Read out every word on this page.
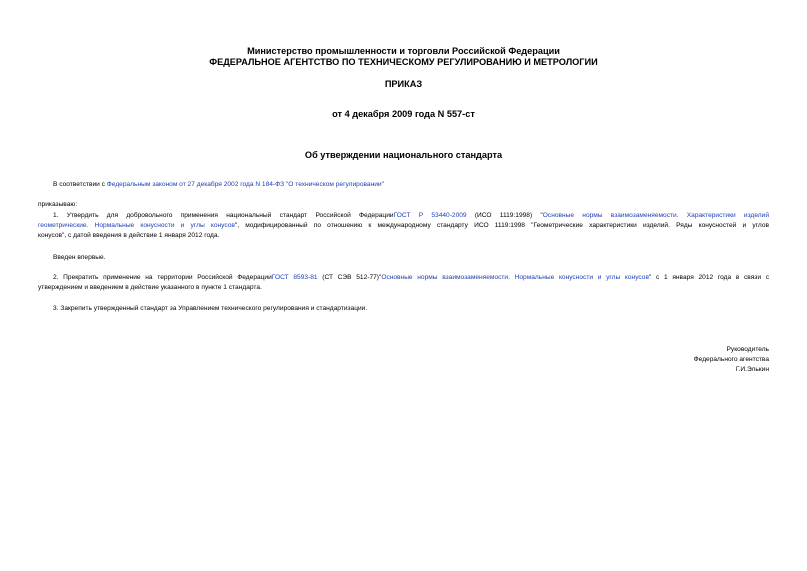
Министерство промышленности и торговли Российской Федерации
ФЕДЕРАЛЬНОЕ АГЕНТСТВО ПО ТЕХНИЧЕСКОМУ РЕГУЛИРОВАНИЮ И МЕТРОЛОГИИ
ПРИКАЗ
от 4 декабря 2009 года N 557-ст
Об утверждении национального стандарта
В соответствии с Федеральным законом от 27 декабря 2002 года N 184-ФЗ "О техническом регулировании"
приказываю:
1. Утвердить для добровольного применения национальный стандарт Российской ФедерацииГОСТ Р 53440-2009 (ИСО 1119:1998) "Основные нормы взаимозаменяемости. Характеристики изделий
геометрические. Нормальные конусности и углы конусов", модифицированный по отношению к международному стандарту ИСО 1119:1998 "Геометрические характеристики изделий. Ряды конусностей и углов
конусов", с датой введения в действие 1 января 2012 года.
Введен впервые.
2. Прекратить применение на территории Российской ФедерацииГОСТ 8593-81 (СТ СЭВ 512-77)"Основные нормы взаимозаменяемости. Нормальные конусности и углы конусов" с 1 января 2012 года в связи с
утверждением и введением в действие указанного в пункте 1 стандарта.
3. Закрепить утвержденный стандарт за Управлением технического регулирования и стандартизации.
Руководитель
Федерального агентства
Г.И.Элькин
